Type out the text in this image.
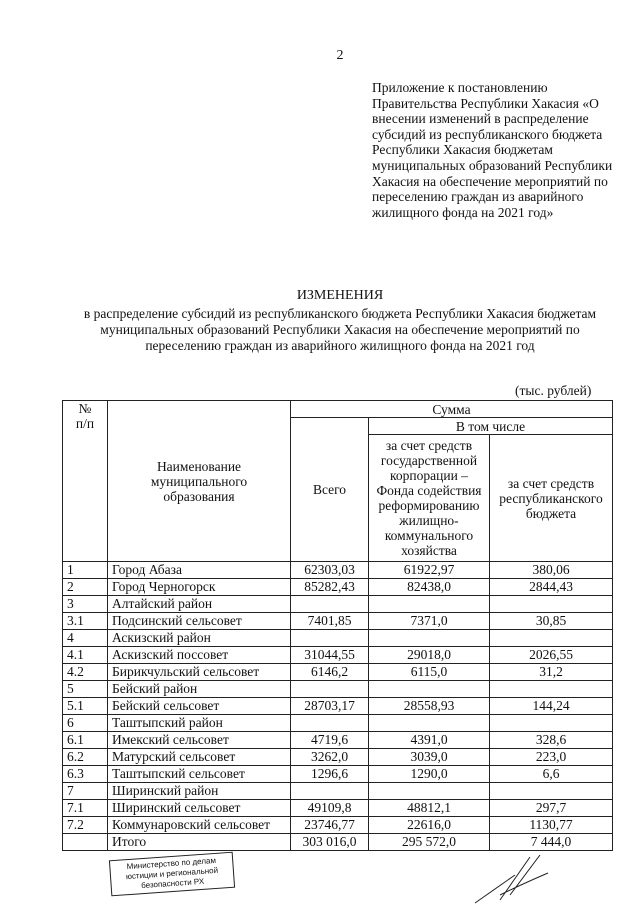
2
Приложение к постановлению Правительства Республики Хакасия «О внесении изменений в распределение субсидий из республиканского бюджета Республики Хакасия бюджетам муниципальных образований Республики Хакасия на обеспечение мероприятий по переселению граждан из аварийного жилищного фонда на 2021 год»
ИЗМЕНЕНИЯ
в распределение субсидий из республиканского бюджета Республики Хакасия бюджетам муниципальных образований Республики Хакасия на обеспечение мероприятий по переселению граждан из аварийного жилищного фонда на 2021 год
(тыс. рублей)
№ п/п	Наименование муниципального образования	Сумма		
		Всего	В том числе	
			за счет средств государственной корпорации – Фонда содействия реформированию жилищно-коммунального хозяйства	за счет средств республиканского бюджета
1	Город Абаза	62303,03	61922,97	380,06
2	Город Черногорск	85282,43	82438,0	2844,43
3	Алтайский район			
3.1	Подсинский сельсовет	7401,85	7371,0	30,85
4	Аскизский район			
4.1	Аскизский поссовет	31044,55	29018,0	2026,55
4.2	Бирикчульский сельсовет	6146,2	6115,0	31,2
5	Бейский район			
5.1	Бейский сельсовет	28703,17	28558,93	144,24
6	Таштыпский район			
6.1	Имекский сельсовет	4719,6	4391,0	328,6
6.2	Матурский сельсовет	3262,0	3039,0	223,0
6.3	Таштыпский сельсовет	1296,6	1290,0	6,6
7	Ширинский район			
7.1	Ширинский сельсовет	49109,8	48812,1	297,7
7.2	Коммунаровский сельсовет	23746,77	22616,0	1130,77
	Итого	303 016,0	295 572,0	7 444,0
Министерство по делам юстиции и региональной безопасности РХ
